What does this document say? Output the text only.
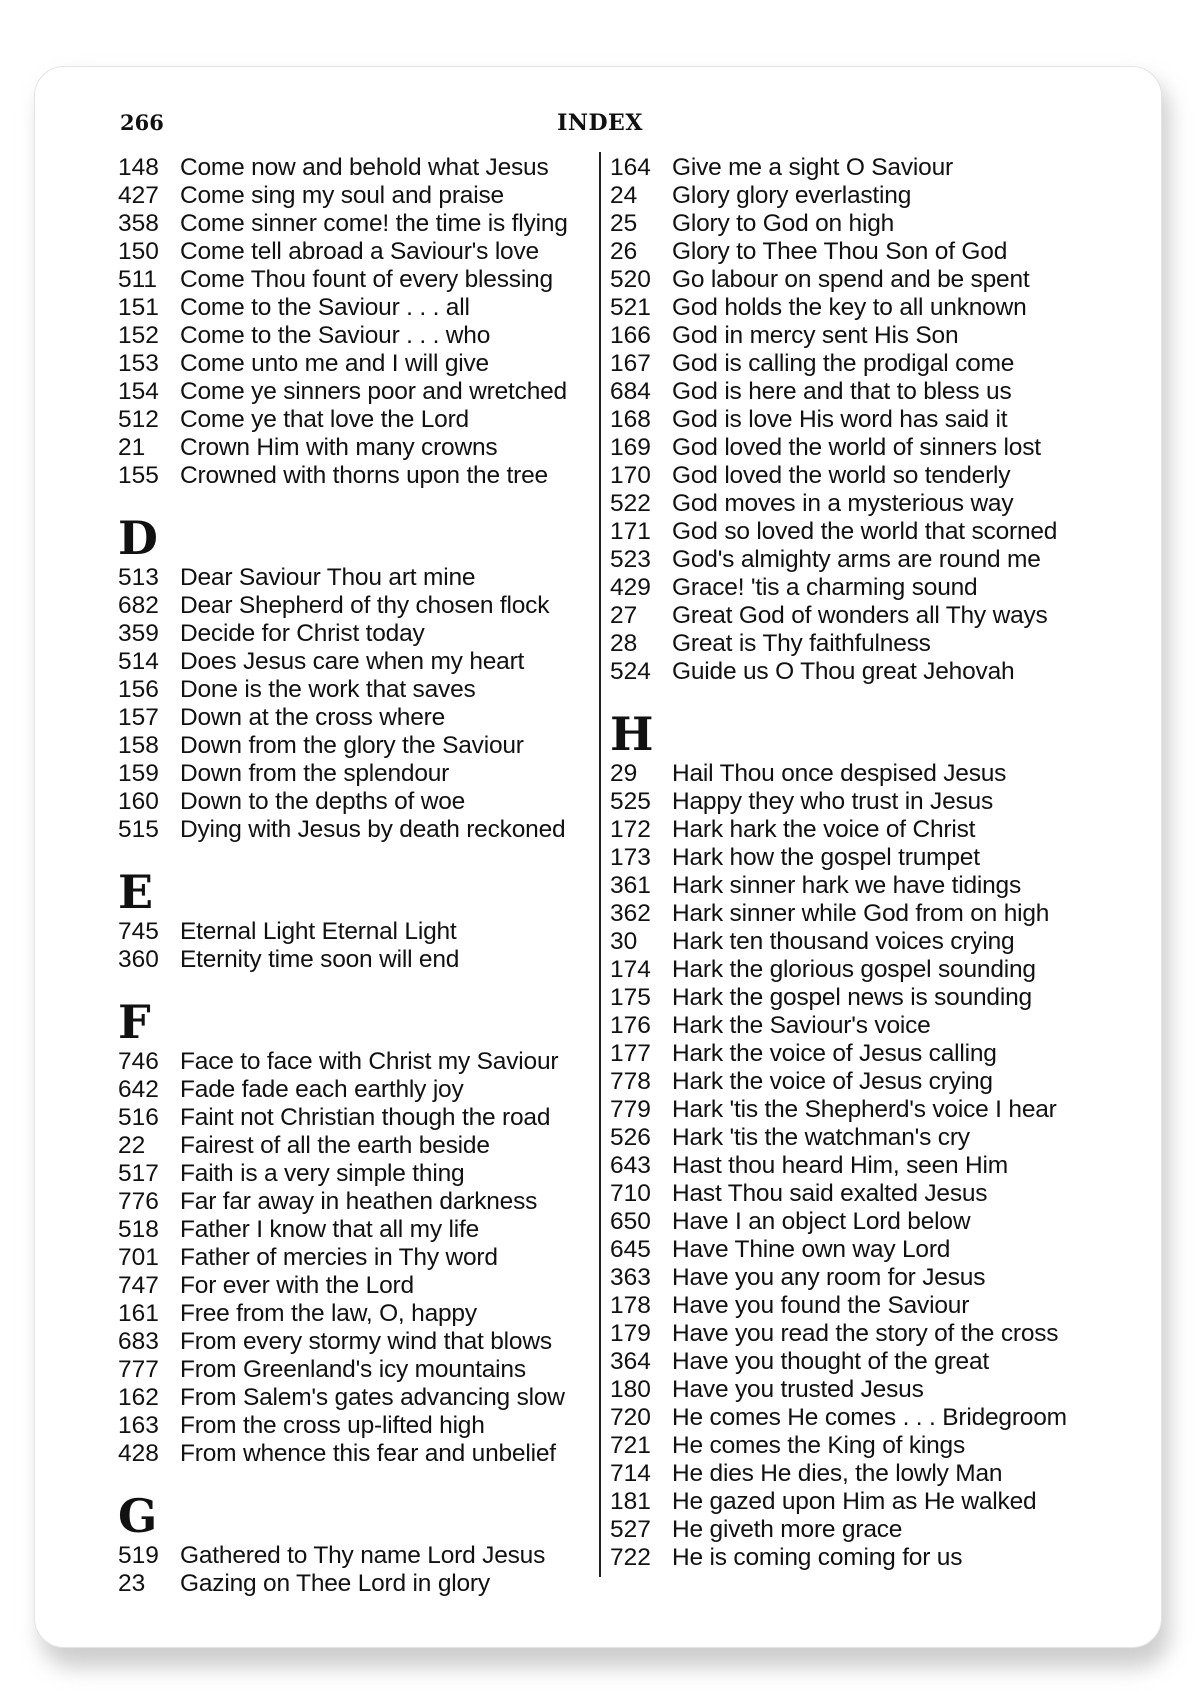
266	INDEX
148 Come now and behold what Jesus
427 Come sing my soul and praise
358 Come sinner come! the time is flying
150 Come tell abroad a Saviour's love
511 Come Thou fount of every blessing
151 Come to the Saviour . . . all
152 Come to the Saviour . . . who
153 Come unto me and I will give
154 Come ye sinners poor and wretched
512 Come ye that love the Lord
21	Crown Him with many crowns
155 Crowned with thorns upon the tree
D
513 Dear Saviour Thou art mine
682 Dear Shepherd of thy chosen flock
359 Decide for Christ today
514 Does Jesus care when my heart
156 Done is the work that saves
157 Down at the cross where
158 Down from the glory the Saviour
159 Down from the splendour
160 Down to the depths of woe
515 Dying with Jesus by death reckoned
E
745 Eternal Light Eternal Light
360 Eternity time soon will end
F
746 Face to face with Christ my Saviour
642 Fade fade each earthly joy
516 Faint not Christian though the road
22	Fairest of all the earth beside
517 Faith is a very simple thing
776 Far far away in heathen darkness
518 Father I know that all my life
701 Father of mercies in Thy word
747 For ever with the Lord
161 Free from the law, O, happy
683 From every stormy wind that blows
777 From Greenland's icy mountains
162 From Salem's gates advancing slow
163 From the cross up-lifted high
428 From whence this fear and unbelief
G
519 Gathered to Thy name Lord Jesus
23	Gazing on Thee Lord in glory
164 Give me a sight O Saviour
24	Glory glory everlasting
25	Glory to God on high
26	Glory to Thee Thou Son of God
520 Go labour on spend and be spent
521 God holds the key to all unknown
166 God in mercy sent His Son
167 God is calling the prodigal come
684 God is here and that to bless us
168 God is love His word has said it
169 God loved the world of sinners lost
170 God loved the world so tenderly
522 God moves in a mysterious way
171 God so loved the world that scorned
523 God's almighty arms are round me
429 Grace! 'tis a charming sound
27	Great God of wonders all Thy ways
28	Great is Thy faithfulness
524 Guide us O Thou great Jehovah
H
29	Hail Thou once despised Jesus
525 Happy they who trust in Jesus
172 Hark hark the voice of Christ
173 Hark how the gospel trumpet
361 Hark sinner hark we have tidings
362 Hark sinner while God from on high
30	Hark ten thousand voices crying
174 Hark the glorious gospel sounding
175 Hark the gospel news is sounding
176 Hark the Saviour's voice
177 Hark the voice of Jesus calling
778 Hark the voice of Jesus crying
779 Hark 'tis the Shepherd's voice I hear
526 Hark 'tis the watchman's cry
643 Hast thou heard Him, seen Him
710 Hast Thou said exalted Jesus
650 Have I an object Lord below
645 Have Thine own way Lord
363 Have you any room for Jesus
178 Have you found the Saviour
179 Have you read the story of the cross
364 Have you thought of the great
180 Have you trusted Jesus
720 He comes He comes . . . Bridegroom
721 He comes the King of kings
714 He dies He dies, the lowly Man
181 He gazed upon Him as He walked
527 He giveth more grace
722 He is coming coming for us
